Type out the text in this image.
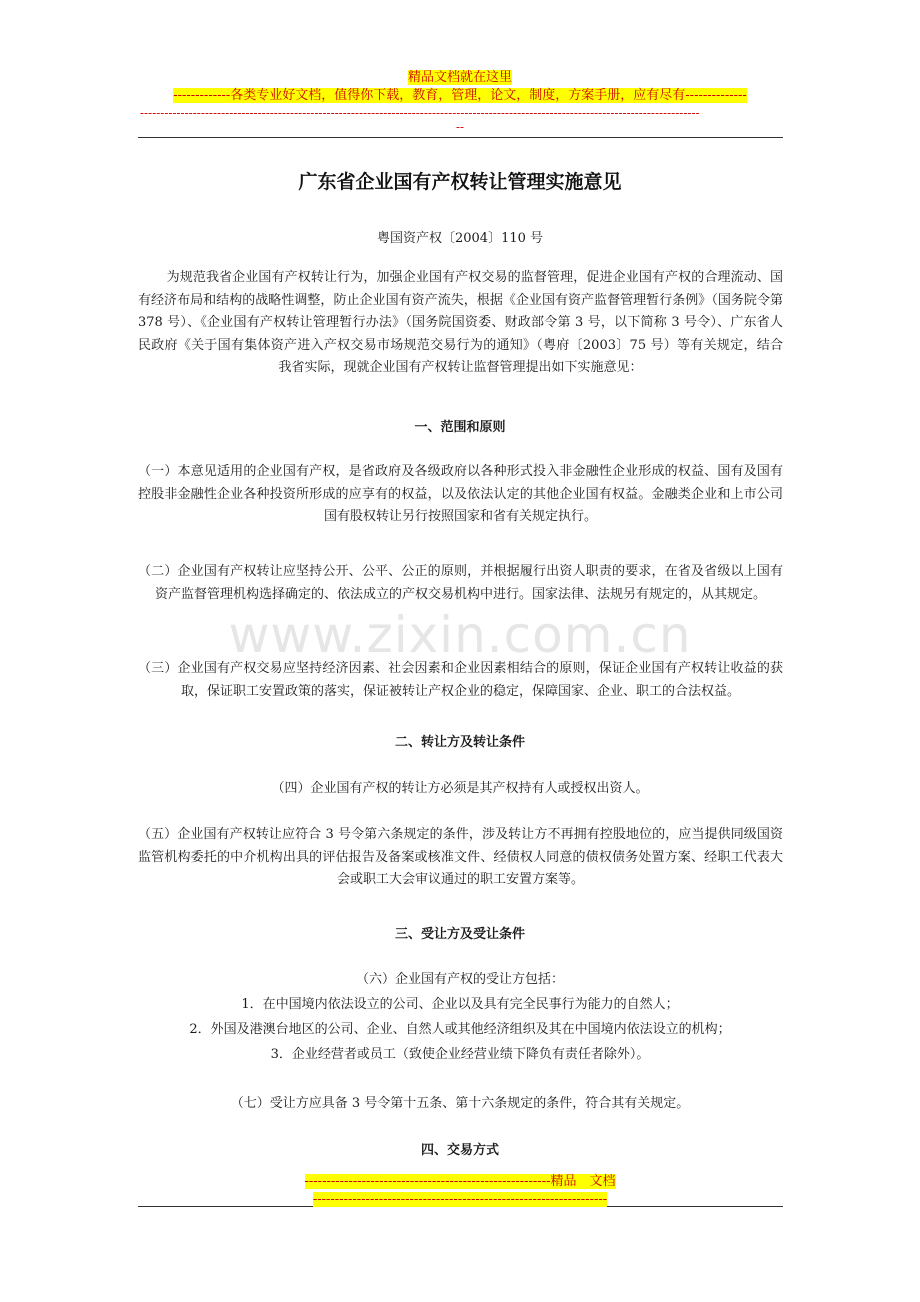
www.zixin.com.cn
精品文档就在这里
-------------各类专业好文档，值得你下载，教育，管理，论文，制度，方案手册，应有尽有--------------
------------------------------------------------------------------------------------------------------------------------------------------
--
广东省企业国有产权转让管理实施意见
粤国资产权〔2004〕110 号
为规范我省企业国有产权转让行为，加强企业国有产权交易的监督管理，促进企业国有产权的合理流动、国有经济布局和结构的战略性调整，防止企业国有资产流失，根据《企业国有资产监督管理暂行条例》（国务院令第 378 号）、《企业国有产权转让管理暂行办法》（国务院国资委、财政部令第 3 号，以下简称 3 号令）、广东省人民政府《关于国有集体资产进入产权交易市场规范交易行为的通知》（粤府〔2003〕75 号）等有关规定，结合我省实际，现就企业国有产权转让监督管理提出如下实施意见：
一、范围和原则
（一）本意见适用的企业国有产权，是省政府及各级政府以各种形式投入非金融性企业形成的权益、国有及国有控股非金融性企业各种投资所形成的应享有的权益，以及依法认定的其他企业国有权益。金融类企业和上市公司国有股权转让另行按照国家和省有关规定执行。
（二）企业国有产权转让应坚持公开、公平、公正的原则，并根据履行出资人职责的要求，在省及省级以上国有资产监督管理机构选择确定的、依法成立的产权交易机构中进行。国家法律、法规另有规定的，从其规定。
（三）企业国有产权交易应坚持经济因素、社会因素和企业因素相结合的原则，保证企业国有产权转让收益的获取，保证职工安置政策的落实，保证被转让产权企业的稳定，保障国家、企业、职工的合法权益。
二、转让方及转让条件
（四）企业国有产权的转让方必须是其产权持有人或授权出资人。
（五）企业国有产权转让应符合 3 号令第六条规定的条件，涉及转让方不再拥有控股地位的，应当提供同级国资监管机构委托的中介机构出具的评估报告及备案或核准文件、经债权人同意的债权债务处置方案、经职工代表大会或职工大会审议通过的职工安置方案等。
三、受让方及受让条件
（六）企业国有产权的受让方包括：
1．在中国境内依法设立的公司、企业以及具有完全民事行为能力的自然人；
2．外国及港澳台地区的公司、企业、自然人或其他经济组织及其在中国境内依法设立的机构；
3．企业经营者或员工（致使企业经营业绩下降负有责任者除外）。
（七）受让方应具备 3 号令第十五条、第十六条规定的条件，符合其有关规定。
四、交易方式
--------------------------------------------------------精品　文档
-------------------------------------------------------------------
